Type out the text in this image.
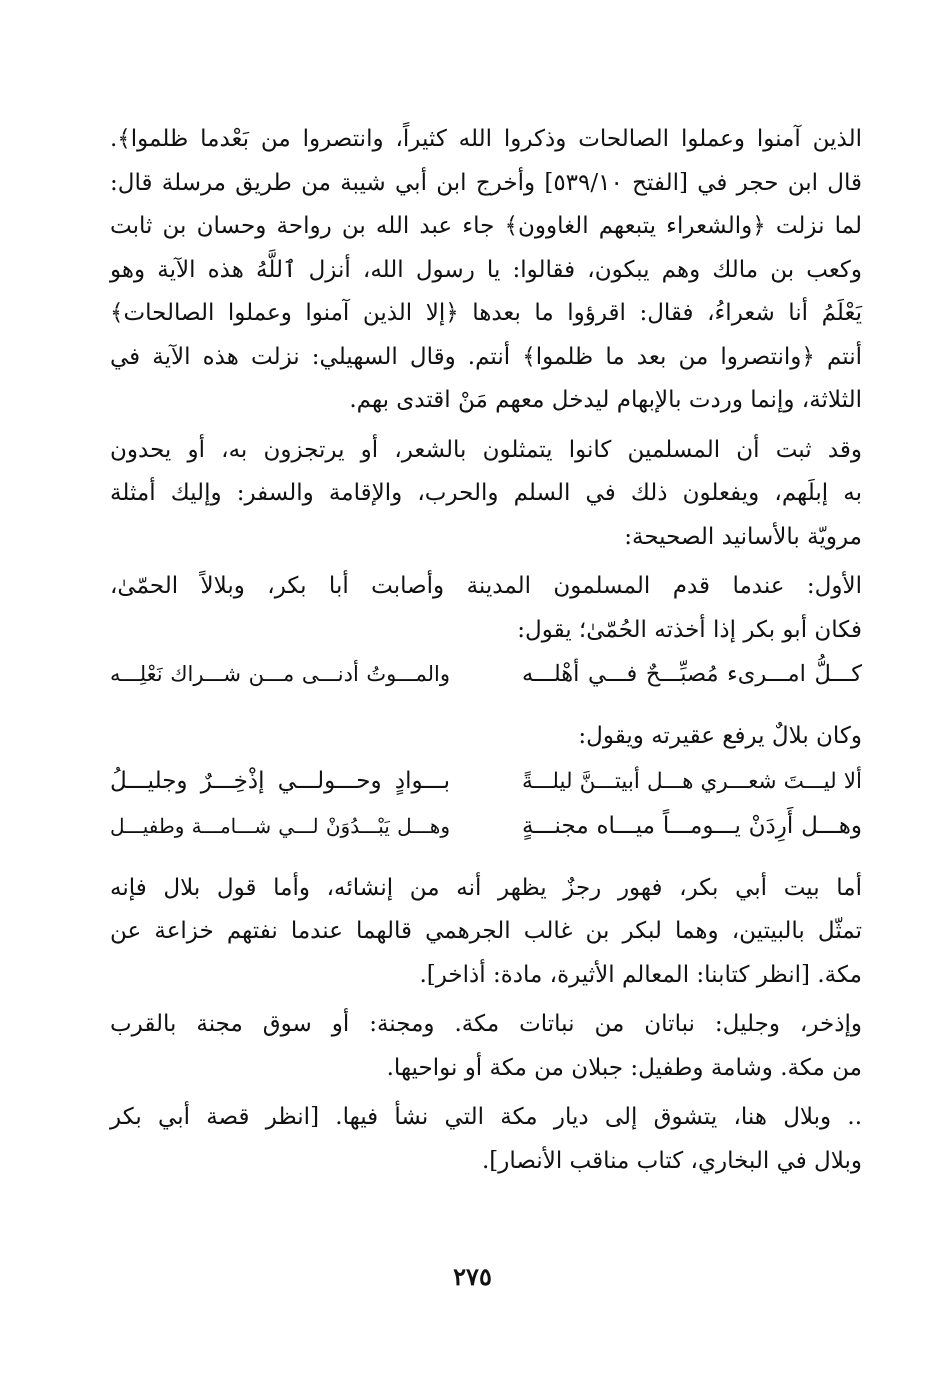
الذين آمنوا وعملوا الصالحات وذكروا الله كثيراً، وانتصروا من بَعْدما ظلموا﴾.
قال ابن حجر في [الفتح ٥٣٩/١٠] وأخرج ابن أبي شيبة من طريق مرسلة قال:
لما نزلت ﴿والشعراء يتبعهم الغاوون﴾ جاء عبد الله بن رواحة وحسان بن ثابت
وكعب بن مالك وهم يبكون، فقالوا: يا رسول الله، أنزل ٱللَّهُ هذه الآية وهو
يَعْلَمُ أنا شعراءُ، فقال: اقرؤوا ما بعدها ﴿إلا الذين آمنوا وعملوا الصالحات﴾
أنتم ﴿وانتصروا من بعد ما ظلموا﴾ أنتم. وقال السهيلي: نزلت هذه الآية في
الثلاثة، وإنما وردت بالإبهام ليدخل معهم مَنْ اقتدى بهم.
وقد ثبت أن المسلمين كانوا يتمثلون بالشعر، أو يرتجزون به، أو يحدون
به إبلَهم، ويفعلون ذلك في السلم والحرب، والإقامة والسفر: وإليك أمثلة
مرويّة بالأسانيد الصحيحة:
الأول: عندما قدم المسلمون المدينة وأصابت أبا بكر، وبلالاً الحمّىٰ،
فكان أبو بكر إذا أخذته الحُمّىٰ؛ يقول:
كـــلُّ امـــرىء مُصبِّـــحٌ فـــي أهْلـــه
والمـــوتُ أدنـــى مـــن شـــراك نَعْلِـــه
وكان بلالٌ يرفع عقيرته ويقول:
ألا ليـــتَ شعـــري هـــل أبيتـــنَّ ليلـــةً
بـــوادٍ وحـــولـــي إذْخِـــرٌ وجليـــلُ
وهـــل أَرِدَنْ يـــومـــاً ميـــاه مجنـــةٍ
وهـــل يَبْـــدُوَنْ لـــي شـــامـــة وطفيـــل
أما بيت أبي بكر، فهور رجزٌ يظهر أنه من إنشائه، وأما قول بلال فإنه
تمثّل بالبيتين، وهما لبكر بن غالب الجرهمي قالهما عندما نفتهم خزاعة عن
مكة. [انظر كتابنا: المعالم الأثيرة، مادة: أذاخر].
وإذخر، وجليل: نباتان من نباتات مكة. ومجنة: أو سوق مجنة بالقرب
من مكة. وشامة وطفيل: جبلان من مكة أو نواحيها.
.. وبلال هنا، يتشوق إلى ديار مكة التي نشأ فيها. [انظر قصة أبي بكر
وبلال في البخاري، كتاب مناقب الأنصار].
٢٧٥
